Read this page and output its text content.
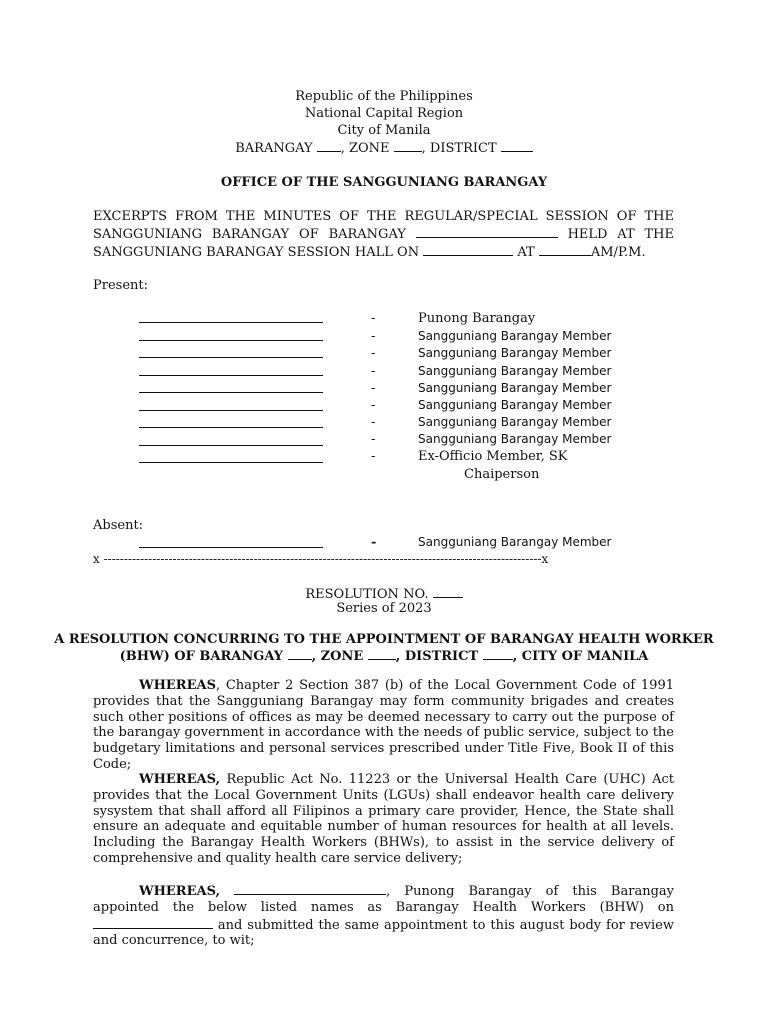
Republic of the Philippines
National Capital Region
City of Manila
BARANGAY , ZONE , DISTRICT
OFFICE OF THE SANGGUNIANG BARANGAY
EXCERPTS FROM THE MINUTES OF THE REGULAR/SPECIAL SESSION OF THE SANGGUNIANG BARANGAY OF BARANGAY	HELD AT THE SANGGUNIANG BARANGAY SESSION HALL ON	AT	AM/P.M.
Present:
-	Punong Barangay
-	Sangguniang Barangay Member
-	Sangguniang Barangay Member
-	Sangguniang Barangay Member
-	Sangguniang Barangay Member
-	Sangguniang Barangay Member
-	Sangguniang Barangay Member
-	Sangguniang Barangay Member
-	Ex-Officio Member, SK
Chaiperson
Absent:
-	Sangguniang Barangay Member
x ------------------------------------------------------------------------------------------------------------x
RESOLUTION NO.
Series of 2023
A RESOLUTION CONCURRING TO THE APPOINTMENT OF BARANGAY HEALTH WORKER
(BHW) OF BARANGAY , ZONE	, DISTRICT	, CITY OF MANILA
WHEREAS, Chapter 2 Section 387 (b) of the Local Government Code of 1991 provides that the Sangguniang Barangay may form community brigades and creates such other positions of offices as may be deemed necessary to carry out the purpose of the barangay government in accordance with the needs of public service, subject to the budgetary limitations and personal services prescribed under Title Five, Book II of this Code;
WHEREAS, Republic Act No. 11223 or the Universal Health Care (UHC) Act provides that the Local Government Units (LGUs) shall endeavor health care delivery sysystem that shall afford all Filipinos a primary care provider, Hence, the State shall ensure an adequate and equitable number of human resources for health at all levels. Including the Barangay Health Workers (BHWs), to assist in the service delivery of comprehensive and quality health care service delivery;
WHEREAS,	, Punong Barangay of this Barangay appointed the below listed names as Barangay Health Workers (BHW) on  and submitted the same appointment to this august body for review and concurrence, to wit;
